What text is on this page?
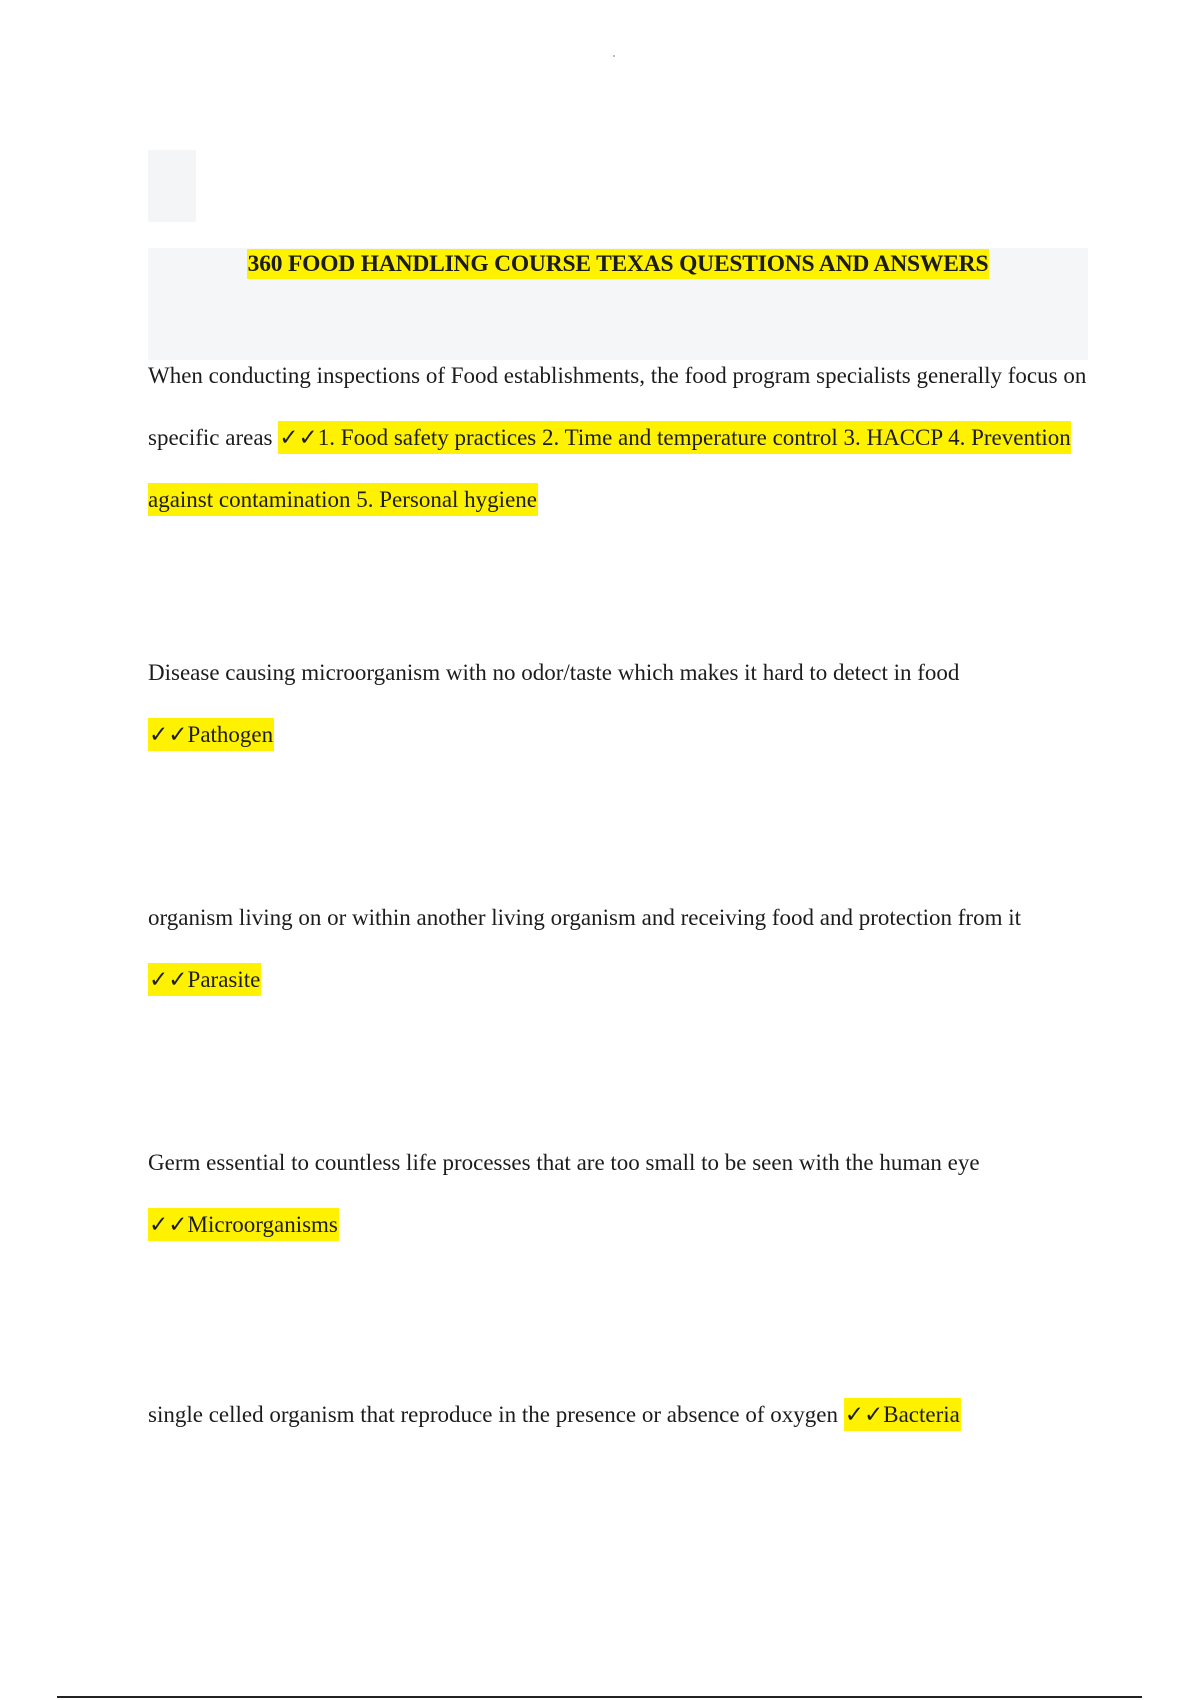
360 FOOD HANDLING COURSE TEXAS QUESTIONS AND ANSWERS
When conducting inspections of Food establishments, the food program specialists generally focus on specific areas ✓✓1. Food safety practices 2. Time and temperature control 3. HACCP 4. Prevention against contamination 5. Personal hygiene
Disease causing microorganism with no odor/taste which makes it hard to detect in food
✓✓Pathogen
organism living on or within another living organism and receiving food and protection from it
✓✓Parasite
Germ essential to countless life processes that are too small to be seen with the human eye
✓✓Microorganisms
single celled organism that reproduce in the presence or absence of oxygen ✓✓Bacteria
